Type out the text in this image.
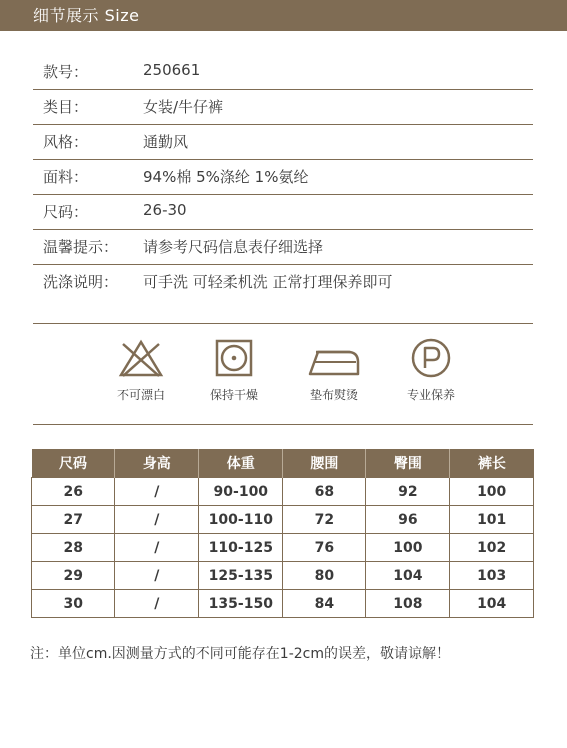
细节展示 Size
款号：	250661
类目：	女装/牛仔裤
风格：	通勤风
面料：	94%棉 5%涤纶 1%氨纶
尺码：	26-30
温馨提示： 请参考尺码信息表仔细选择
洗涤说明： 可手洗 可轻柔机洗 正常打理保养即可
不可漂白	保持干燥	垫布熨烫	专业保养
尺码	身高	体重	腰围	臀围	裤长
26	/	90-100	68	92	100
27	/	100-110	72	96	101
28	/	110-125	76	100	102
29	/	125-135	80	104	103
30	/	135-150	84	108	104
注：单位cm.因测量方式的不同可能存在1-2cm的误差，敬请谅解！
